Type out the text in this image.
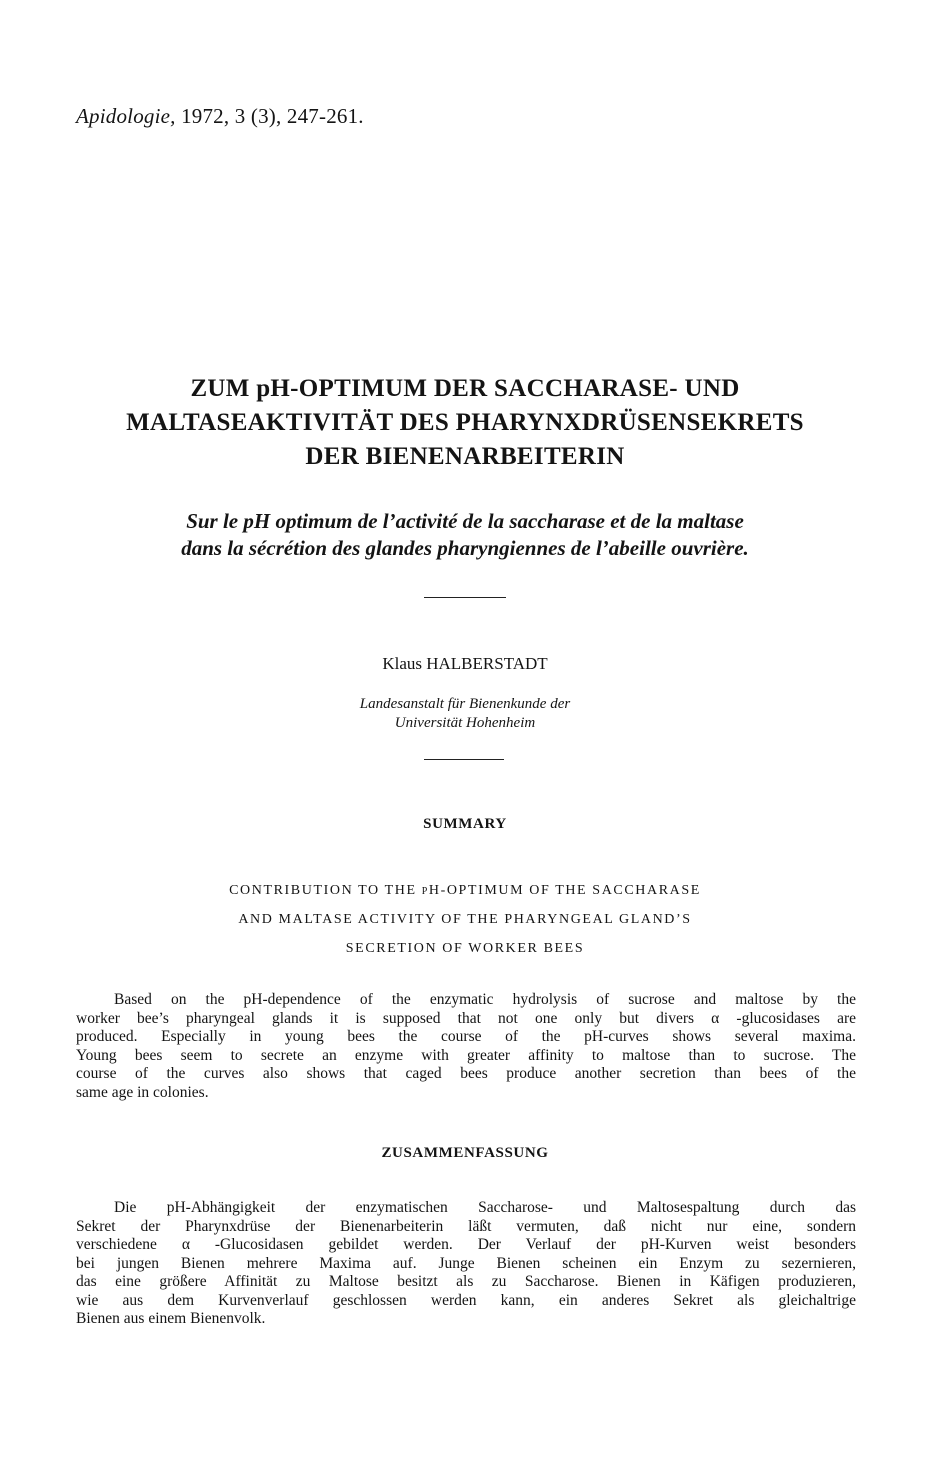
Apidologie, 1972, 3 (3), 247-261.
ZUM pH-OPTIMUM DER SACCHARASE- UND
MALTASEAKTIVITÄT DES PHARYNXDRÜSENSEKRETS
DER BIENENARBEITERIN
Sur le pH optimum de l’activité de la saccharase et de la maltase
dans la sécrétion des glandes pharyngiennes de l’abeille ouvrière.
Klaus HALBERSTADT
Landesanstalt für Bienenkunde der
Universität Hohenheim
SUMMARY
CONTRIBUTION TO THE pH-OPTIMUM OF THE SACCHARASE
AND MALTASE ACTIVITY OF THE PHARYNGEAL GLAND’S
SECRETION OF WORKER BEES
Based on the pH-dependence of the enzymatic hydrolysis of sucrose and maltose by the
worker bee’s pharyngeal glands it is supposed that not one only but divers α -glucosidases are
produced. Especially in young bees the course of the pH-curves shows several maxima.
Young bees seem to secrete an enzyme with greater affinity to maltose than to sucrose. The
course of the curves also shows that caged bees produce another secretion than bees of the
same age in colonies.
ZUSAMMENFASSUNG
Die pH-Abhängigkeit der enzymatischen Saccharose- und Maltosespaltung durch das
Sekret der Pharynxdrüse der Bienenarbeiterin läßt vermuten, daß nicht nur eine, sondern
verschiedene α -Glucosidasen gebildet werden. Der Verlauf der pH-Kurven weist besonders
bei jungen Bienen mehrere Maxima auf. Junge Bienen scheinen ein Enzym zu sezernieren,
das eine größere Affinität zu Maltose besitzt als zu Saccharose. Bienen in Käfigen produzieren,
wie aus dem Kurvenverlauf geschlossen werden kann, ein anderes Sekret als gleichaltrige
Bienen aus einem Bienenvolk.
